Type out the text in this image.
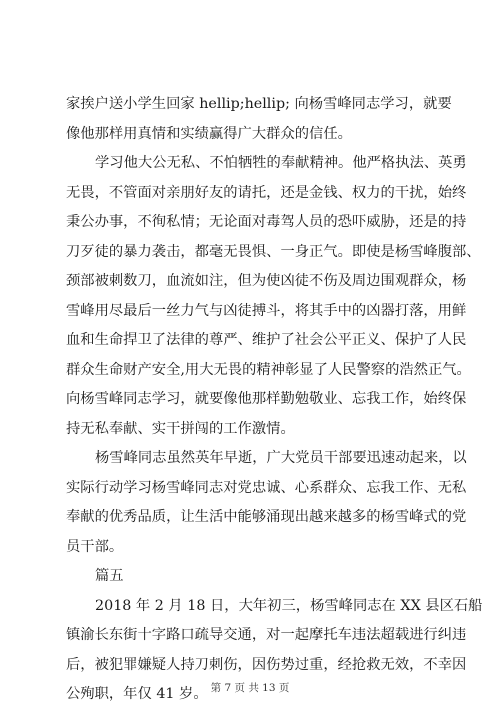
家挨户送小学生回家 hellip;hellip; 向杨雪峰同志学习，就要
像他那样用真情和实绩赢得广大群众的信任。
学习他大公无私、不怕牺牲的奉献精神。他严格执法、英勇
无畏，不管面对亲朋好友的请托，还是金钱、权力的干扰，始终
秉公办事，不徇私情；无论面对毒驾人员的恐吓威胁，还是的持
刀歹徒的暴力袭击，都毫无畏惧、一身正气。即使是杨雪峰腹部、
颈部被刺数刀，血流如注，但为使凶徒不伤及周边围观群众，杨
雪峰用尽最后一丝力气与凶徒搏斗，将其手中的凶器打落，用鲜
血和生命捍卫了法律的尊严、维护了社会公平正义、保护了人民
群众生命财产安全,用大无畏的精神彰显了人民警察的浩然正气。
向杨雪峰同志学习，就要像他那样勤勉敬业、忘我工作，始终保
持无私奉献、实干拼闯的工作激情。
杨雪峰同志虽然英年早逝，广大党员干部要迅速动起来，以
实际行动学习杨雪峰同志对党忠诚、心系群众、忘我工作、无私
奉献的优秀品质，让生活中能够涌现出越来越多的杨雪峰式的党
员干部。
篇五
2018 年 2 月 18 日，大年初三，杨雪峰同志在 XX 县区石船
镇渝长东街十字路口疏导交通，对一起摩托车违法超载进行纠违
后，被犯罪嫌疑人持刀刺伤，因伤势过重，经抢救无效，不幸因
公殉职，年仅 41 岁。 第 7 页 共 13 页
